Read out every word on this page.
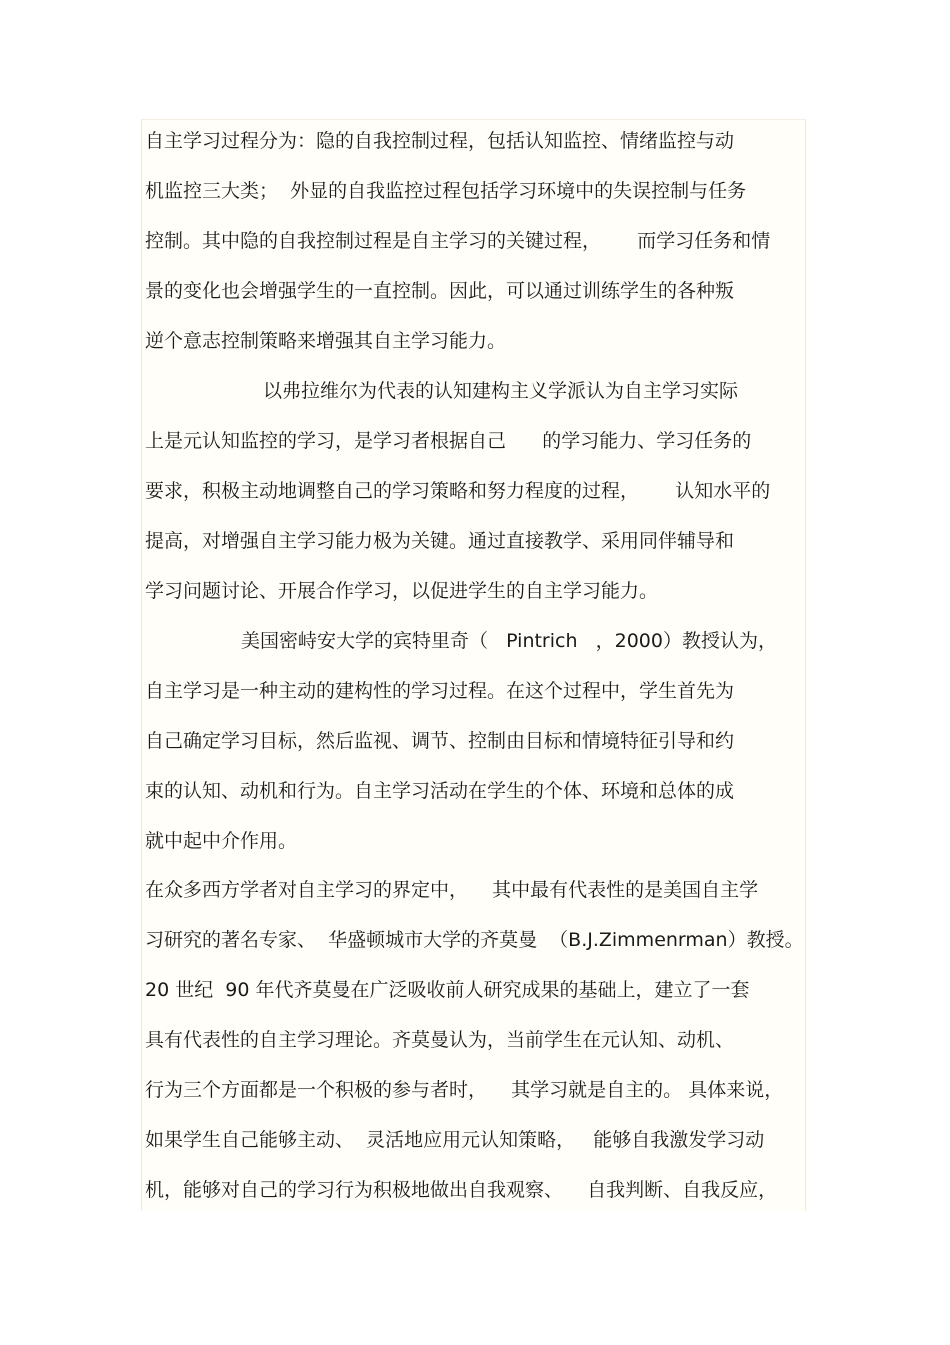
自主学习过程分为：隐的自我控制过程，包括认知监控、情绪监控与动
机监控三大类；  外显的自我监控过程包括学习环境中的失误控制与任务
控制。其中隐的自我控制过程是自主学习的关键过程，      而学习任务和情
景的变化也会增强学生的一直控制。因此，可以通过训练学生的各种叛
逆个意志控制策略来增强其自主学习能力。
以弗拉维尔为代表的认知建构主义学派认为自主学习实际
上是元认知监控的学习，是学习者根据自己      的学习能力、学习任务的
要求，积极主动地调整自己的学习策略和努力程度的过程，      认知水平的
提高，对增强自主学习能力极为关键。通过直接教学、采用同伴辅导和
学习问题讨论、开展合作学习，以促进学生的自主学习能力。
美国密峙安大学的宾特里奇（   Pintrich   ，2000）教授认为，
自主学习是一种主动的建构性的学习过程。在这个过程中，学生首先为
自己确定学习目标，然后监视、调节、控制由目标和情境特征引导和约
束的认知、动机和行为。自主学习活动在学生的个体、环境和总体的成
就中起中介作用。
在众多西方学者对自主学习的界定中，    其中最有代表性的是美国自主学
习研究的著名专家、  华盛顿城市大学的齐莫曼  （B.J.Zimmenrman）教授。
20 世纪  90 年代齐莫曼在广泛吸收前人研究成果的基础上，建立了一套
具有代表性的自主学习理论。齐莫曼认为，当前学生在元认知、动机、
行为三个方面都是一个积极的参与者时，    其学习就是自主的。 具体来说，
如果学生自己能够主动、  灵活地应用元认知策略，   能够自我激发学习动
机，能够对自己的学习行为积极地做出自我观察、    自我判断、自我反应，
